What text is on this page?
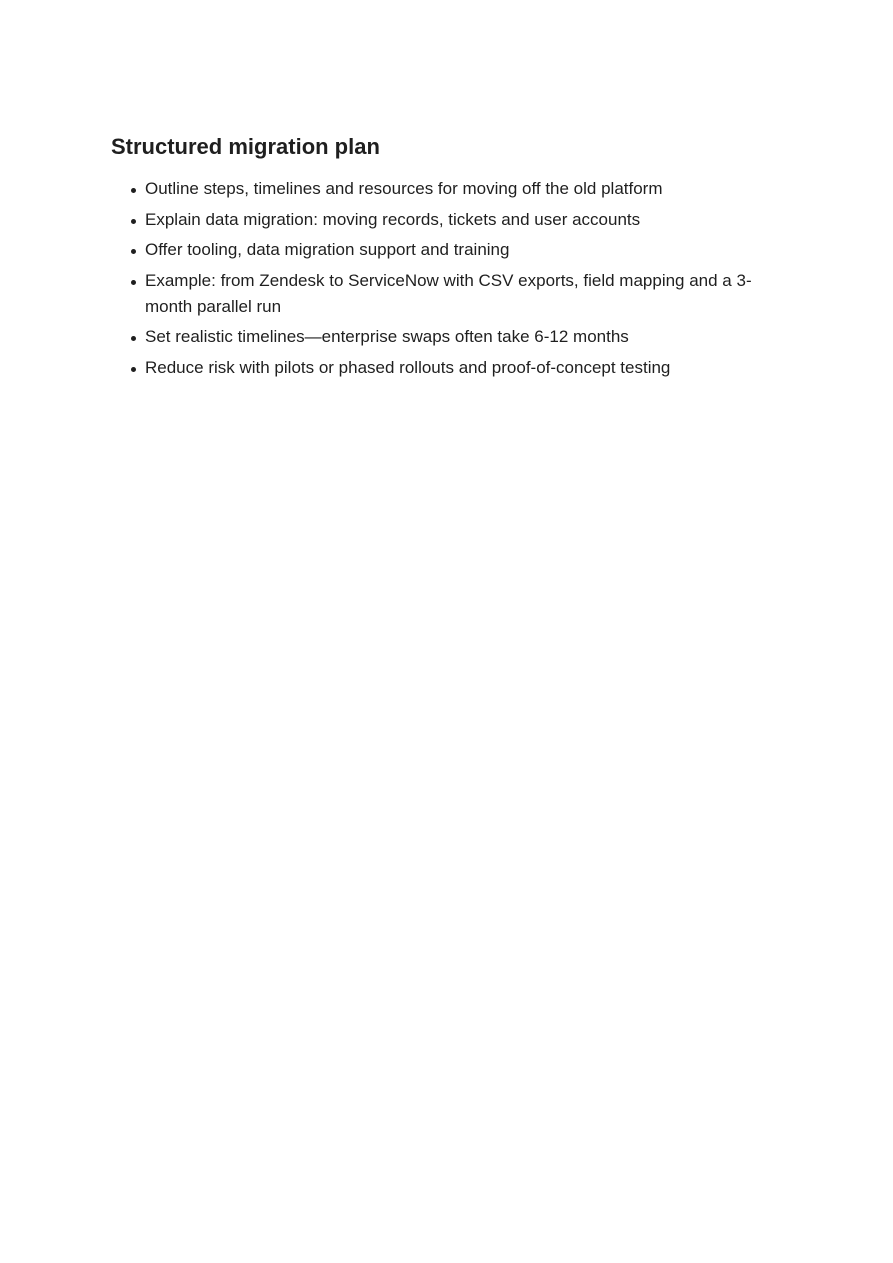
Structured migration plan
Outline steps, timelines and resources for moving off the old platform
Explain data migration: moving records, tickets and user accounts
Offer tooling, data migration support and training
Example: from Zendesk to ServiceNow with CSV exports, field mapping and a 3-month parallel run
Set realistic timelines—enterprise swaps often take 6-12 months
Reduce risk with pilots or phased rollouts and proof-of-concept testing
